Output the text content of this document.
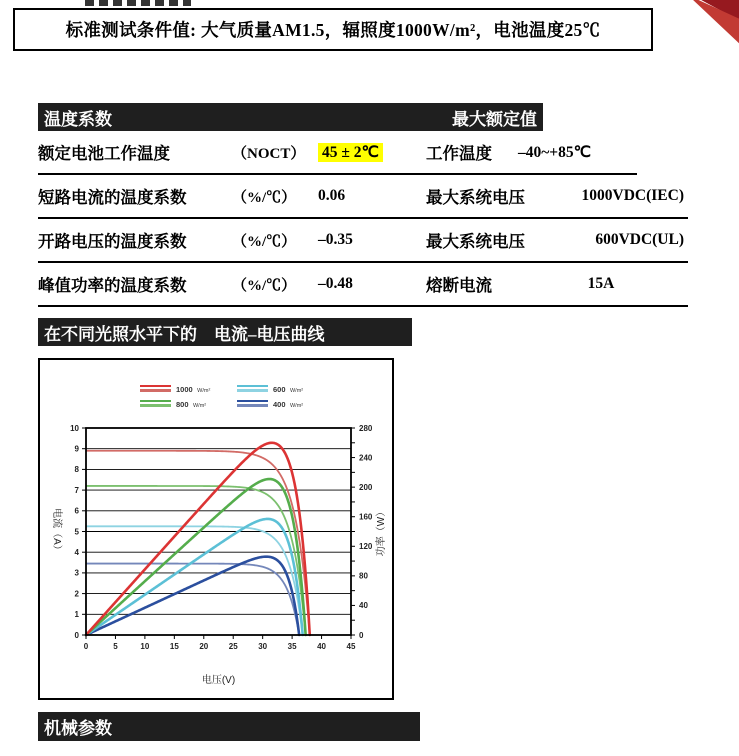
标准测试条件值: 大气质量AM1.5，辐照度1000W/m²，电池温度25℃
温度系数	最大额定值
额定电池工作温度	（NOCT）	45 ± 2℃	工作温度	–40~+85℃
短路电流的温度系数	（%/℃）	0.06	最大系统电压	1000VDC(IEC)
开路电压的温度系数	（%/℃）	–0.35	最大系统电压	600VDC(UL)
峰值功率的温度系数	（%/℃）	–0.48	熔断电流	15A
在不同光照水平下的　电流–电压曲线
1000 W/m²
800 W/m²
600 W/m²
400 W/m²
0
1
2
3
4
5
6
7
8
9
10
0	5	10	15	20	25	30	35	40	45
0
40
80
120
160
200
240
280
电流（A）	功率（W）
电压(V)
机械参数
